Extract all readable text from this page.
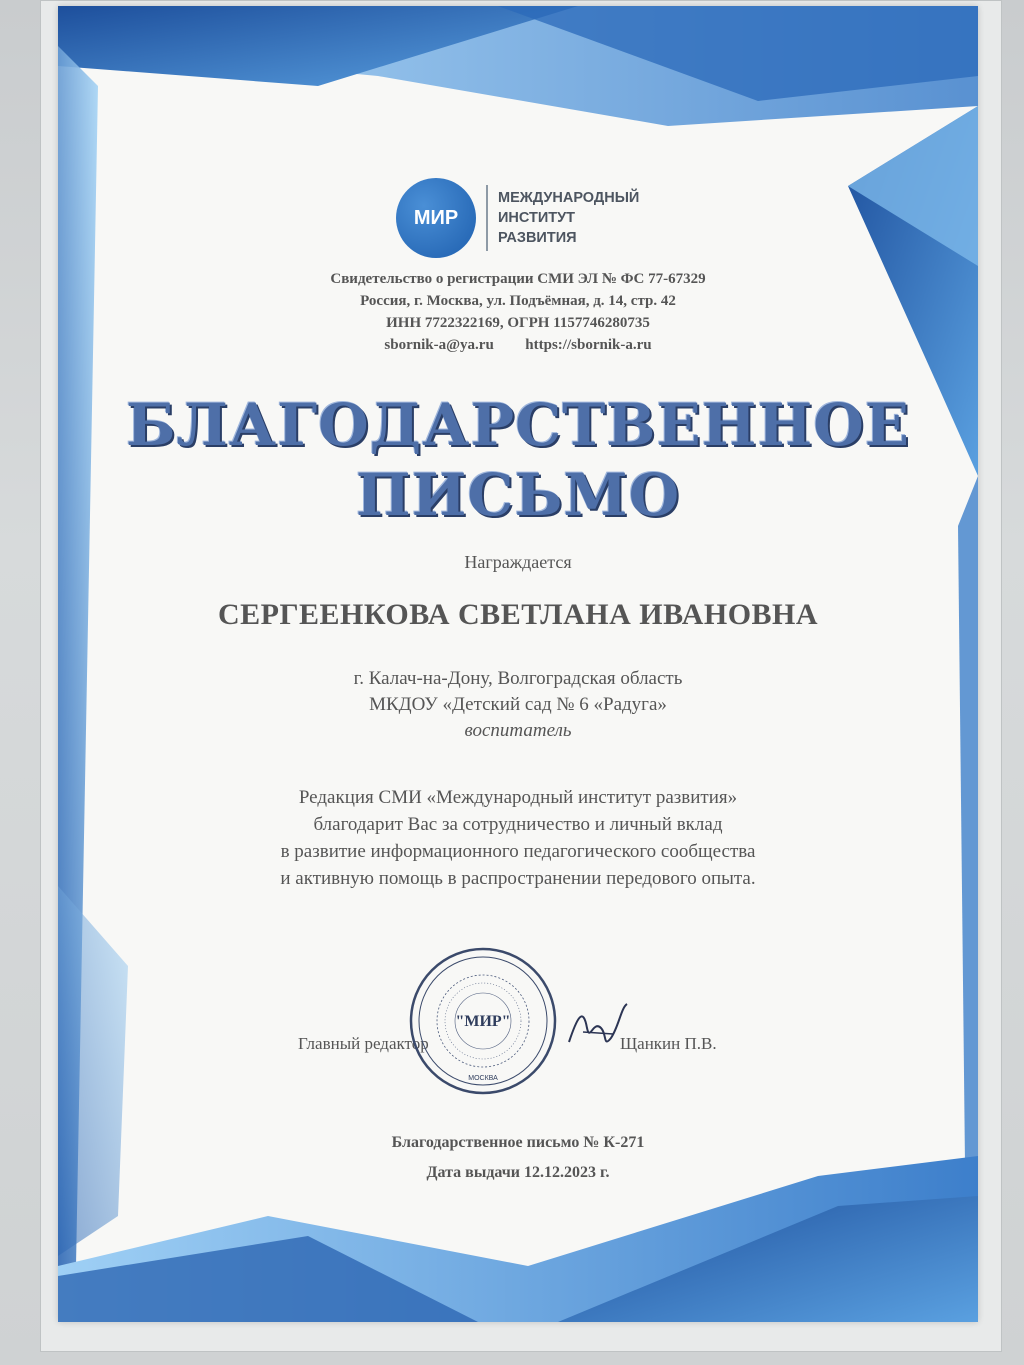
МИР
МЕЖДУНАРОДНЫЙ
ИНСТИТУТ
РАЗВИТИЯ
Свидетельство о регистрации СМИ ЭЛ № ФС 77-67329
Россия, г. Москва, ул. Подъёмная, д. 14, стр. 42
ИНН 7722322169, ОГРН 1157746280735
sbornik-a@ya.ru https://sbornik-a.ru
БЛАГОДАРСТВЕННОЕ
ПИСЬМО
Награждается
СЕРГЕЕНКОВА СВЕТЛАНА ИВАНОВНА
г. Калач-на-Дону, Волгоградская область
МКДОУ «Детский сад № 6 «Радуга»
воспитатель
Редакция СМИ «Международный институт развития»
благодарит Вас за сотрудничество и личный вклад
в развитие информационного педагогического сообщества
и активную помощь в распространении передового опыта.
Главный редактор
"МИР"
МОСКВА
Щанкин П.В.
Благодарственное письмо № К-271
Дата выдачи 12.12.2023 г.
